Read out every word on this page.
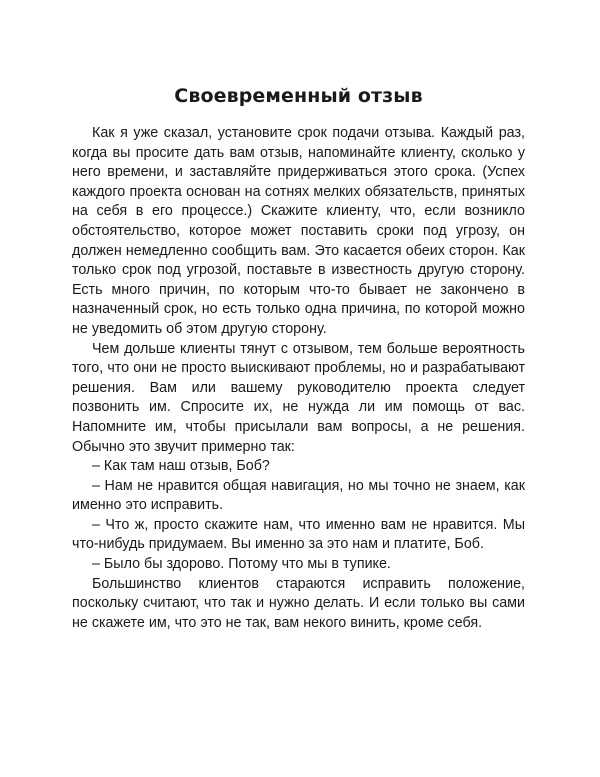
Своевременный отзыв

Как я уже сказал, установите срок подачи отзыва. Каждый раз, когда вы просите дать вам отзыв, напоминайте клиенту, сколько у него времени, и заставляйте придерживаться этого срока. (Успех каждого проекта основан на сотнях мелких обязательств, принятых на себя в его процессе.) Скажите клиенту, что, если возникло обстоятельство, которое может поставить сроки под угрозу, он должен немедленно сообщить вам. Это касается обеих сторон. Как только срок под угрозой, поставьте в известность другую сторону. Есть много причин, по которым что-то бывает не закончено в назначенный срок, но есть только одна причина, по которой можно не уведомить об этом другую сторону.

Чем дольше клиенты тянут с отзывом, тем больше вероятность того, что они не просто выискивают проблемы, но и разрабатывают решения. Вам или вашему руководителю проекта следует позвонить им. Спросите их, не нужда ли им помощь от вас. Напомните им, чтобы присылали вам вопросы, а не решения. Обычно это звучит примерно так:

– Как там наш отзыв, Боб?

– Нам не нравится общая навигация, но мы точно не знаем, как именно это исправить.

– Что ж, просто скажите нам, что именно вам не нравится. Мы что-нибудь придумаем. Вы именно за это нам и платите, Боб.

– Было бы здорово. Потому что мы в тупике.

Большинство клиентов стараются исправить положение, поскольку считают, что так и нужно делать. И если только вы сами не скажете им, что это не так, вам некого винить, кроме себя.
